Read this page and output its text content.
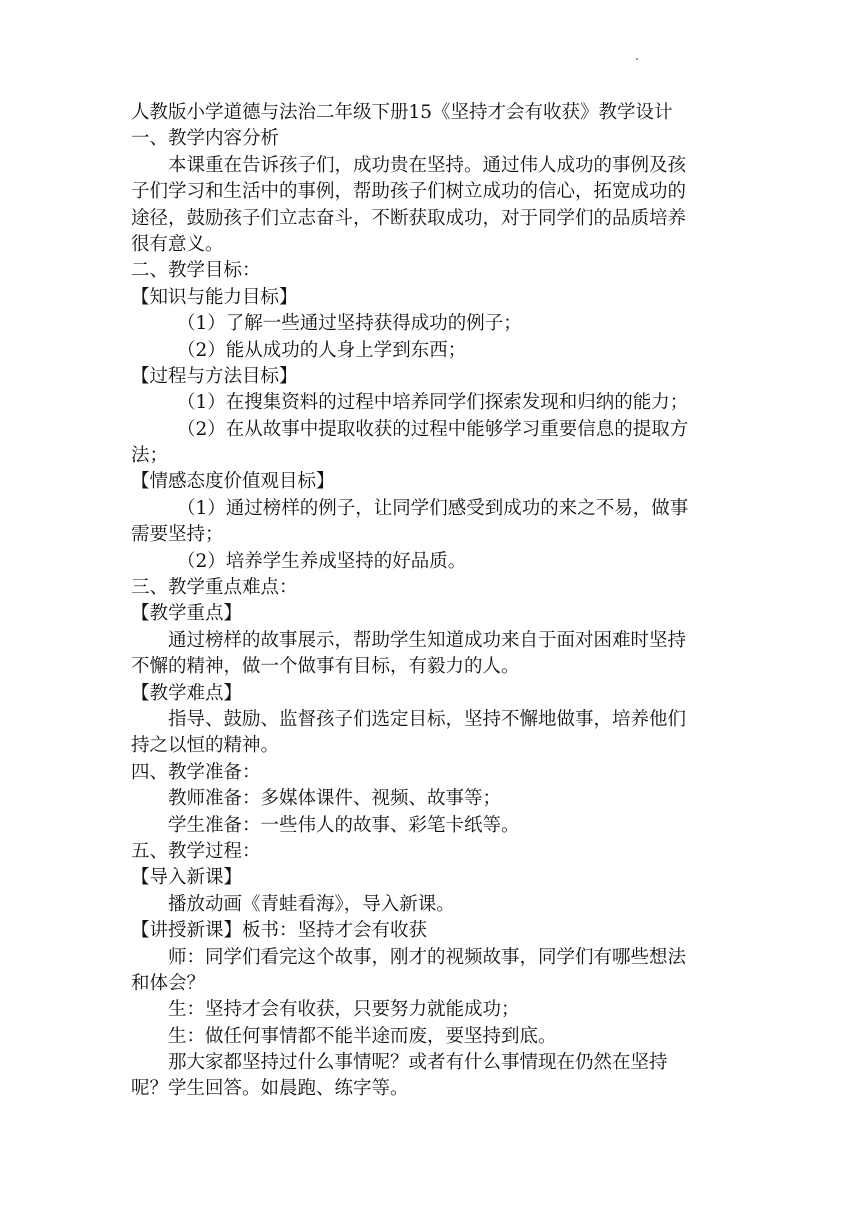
人教版小学道德与法治二年级下册15《坚持才会有收获》教学设计
一、教学内容分析
本课重在告诉孩子们，成功贵在坚持。通过伟人成功的事例及孩
子们学习和生活中的事例，帮助孩子们树立成功的信心，拓宽成功的
途径，鼓励孩子们立志奋斗，不断获取成功，对于同学们的品质培养
很有意义。
二、教学目标：
【知识与能力目标】
（1）了解一些通过坚持获得成功的例子；
（2）能从成功的人身上学到东西；
【过程与方法目标】
（1）在搜集资料的过程中培养同学们探索发现和归纳的能力；
（2）在从故事中提取收获的过程中能够学习重要信息的提取方
法；
【情感态度价值观目标】
（1）通过榜样的例子，让同学们感受到成功的来之不易，做事
需要坚持；
（2）培养学生养成坚持的好品质。
三、教学重点难点：
【教学重点】
通过榜样的故事展示，帮助学生知道成功来自于面对困难时坚持
不懈的精神，做一个做事有目标，有毅力的人。
【教学难点】
指导、鼓励、监督孩子们选定目标，坚持不懈地做事，培养他们
持之以恒的精神。
四、教学准备：
教师准备：多媒体课件、视频、故事等；
学生准备：一些伟人的故事、彩笔卡纸等。
五、教学过程：
【导入新课】
播放动画《青蛙看海》，导入新课。
【讲授新课】板书：坚持才会有收获
师：同学们看完这个故事，刚才的视频故事，同学们有哪些想法
和体会？
生：坚持才会有收获，只要努力就能成功；
生：做任何事情都不能半途而废，要坚持到底。
那大家都坚持过什么事情呢？或者有什么事情现在仍然在坚持
呢？学生回答。如晨跑、练字等。
